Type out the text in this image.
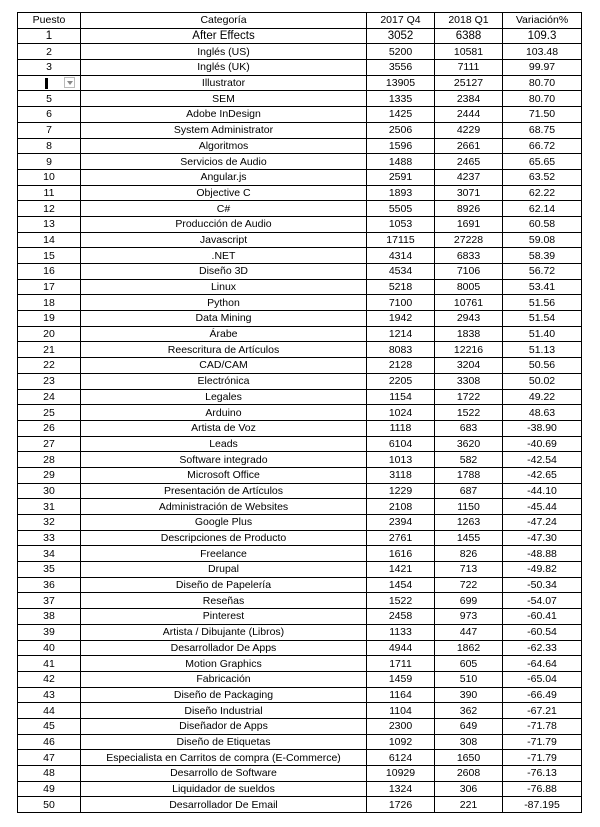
Puesto	Categoría	2017 Q4	2018 Q1	Variación%
1	After Effects	3052	6388	109.3
2	Inglés (US)	5200	10581	103.48
3	Inglés (UK)	3556	7111	99.97

	Illustrator	13905	25127	80.70
5	SEM	1335	2384	80.70
6	Adobe InDesign	1425	2444	71.50
7	System Administrator	2506	4229	68.75
8	Algoritmos	1596	2661	66.72
9	Servicios de Audio	1488	2465	65.65
10	Angular.js	2591	4237	63.52
11	Objective C	1893	3071	62.22
12	C#	5505	8926	62.14
13	Producción de Audio	1053	1691	60.58
14	Javascript	17115	27228	59.08
15	.NET	4314	6833	58.39
16	Diseño 3D	4534	7106	56.72
17	Linux	5218	8005	53.41
18	Python	7100	10761	51.56
19	Data Mining	1942	2943	51.54
20	Árabe	1214	1838	51.40
21	Reescritura de Artículos	8083	12216	51.13
22	CAD/CAM	2128	3204	50.56
23	Electrónica	2205	3308	50.02
24	Legales	1154	1722	49.22
25	Arduino	1024	1522	48.63
26	Artista de Voz	1118	683	-38.90
27	Leads	6104	3620	-40.69
28	Software integrado	1013	582	-42.54
29	Microsoft Office	3118	1788	-42.65
30	Presentación de Artículos	1229	687	-44.10
31	Administración de Websites	2108	1150	-45.44
32	Google Plus	2394	1263	-47.24
33	Descripciones de Producto	2761	1455	-47.30
34	Freelance	1616	826	-48.88
35	Drupal	1421	713	-49.82
36	Diseño de Papelería	1454	722	-50.34
37	Reseñas	1522	699	-54.07
38	Pinterest	2458	973	-60.41
39	Artista / Dibujante (Libros)	1133	447	-60.54
40	Desarrollador De Apps	4944	1862	-62.33
41	Motion Graphics	1711	605	-64.64
42	Fabricación	1459	510	-65.04
43	Diseño de Packaging	1164	390	-66.49
44	Diseño Industrial	1104	362	-67.21
45	Diseñador de Apps	2300	649	-71.78
46	Diseño de Etiquetas	1092	308	-71.79
47	Especialista en Carritos de compra (E-Commerce)	6124	1650	-71.79
48	Desarrollo de Software	10929	2608	-76.13
49	Liquidador de sueldos	1324	306	-76.88
50	Desarrollador De Email	1726	221	-87.195
